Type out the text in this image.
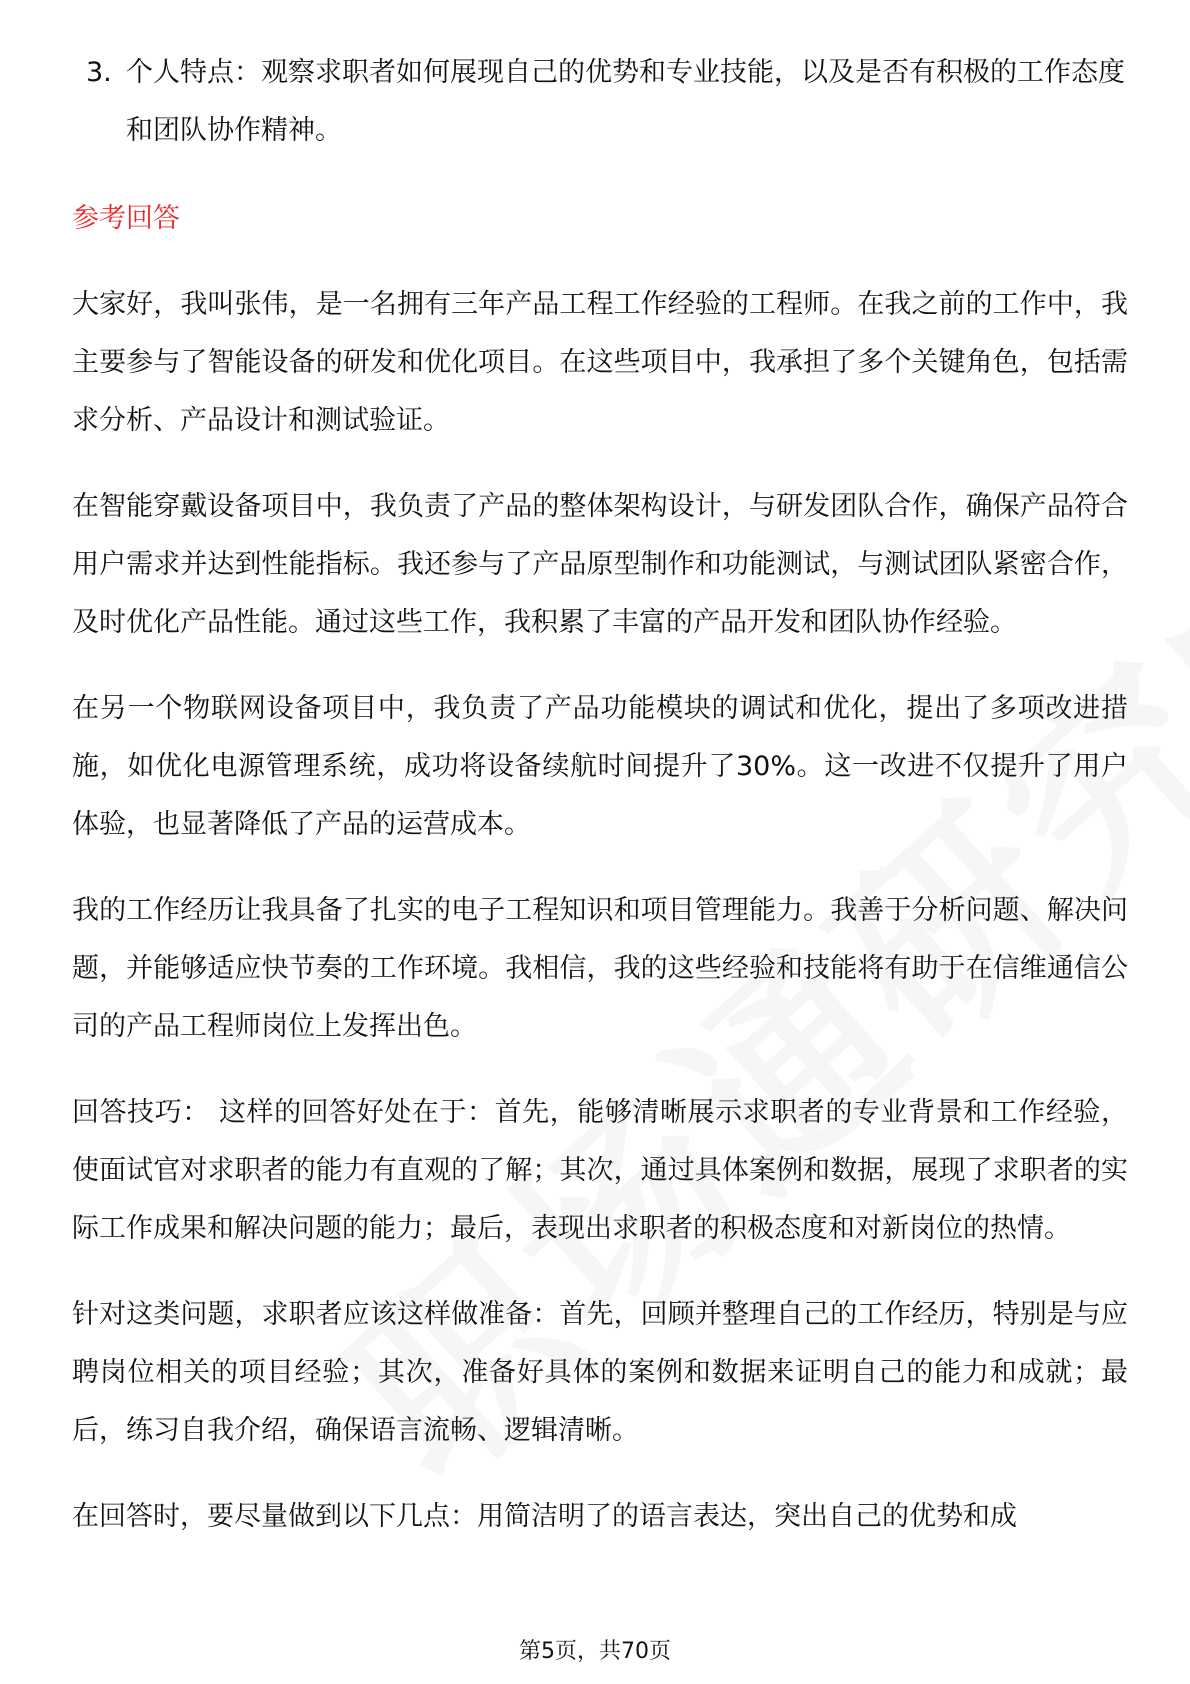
3. 个人特点：观察求职者如何展现自己的优势和专业技能，以及是否有积极的工作态度和团队协作精神。
参考回答

大家好，我叫张伟，是一名拥有三年产品工程工作经验的工程师。在我之前的工作中，我主要参与了智能设备的研发和优化项目。在这些项目中，我承担了多个关键角色，包括需求分析、产品设计和测试验证。

在智能穿戴设备项目中，我负责了产品的整体架构设计，与研发团队合作，确保产品符合用户需求并达到性能指标。我还参与了产品原型制作和功能测试，与测试团队紧密合作，及时优化产品性能。通过这些工作，我积累了丰富的产品开发和团队协作经验。

在另一个物联网设备项目中，我负责了产品功能模块的调试和优化，提出了多项改进措施，如优化电源管理系统，成功将设备续航时间提升了30%。这一改进不仅提升了用户体验，也显著降低了产品的运营成本。

我的工作经历让我具备了扎实的电子工程知识和项目管理能力。我善于分析问题、解决问题，并能够适应快节奏的工作环境。我相信，我的这些经验和技能将有助于在信维通信公司的产品工程师岗位上发挥出色。

回答技巧： 这样的回答好处在于：首先，能够清晰展示求职者的专业背景和工作经验，使面试官对求职者的能力有直观的了解；其次，通过具体案例和数据，展现了求职者的实际工作成果和解决问题的能力；最后，表现出求职者的积极态度和对新岗位的热情。

针对这类问题，求职者应该这样做准备：首先，回顾并整理自己的工作经历，特别是与应聘岗位相关的项目经验；其次，准备好具体的案例和数据来证明自己的能力和成就；最后，练习自我介绍，确保语言流畅、逻辑清晰。

在回答时，要尽量做到以下几点：用简洁明了的语言表达，突出自己的优势和成

第5页，共70页
